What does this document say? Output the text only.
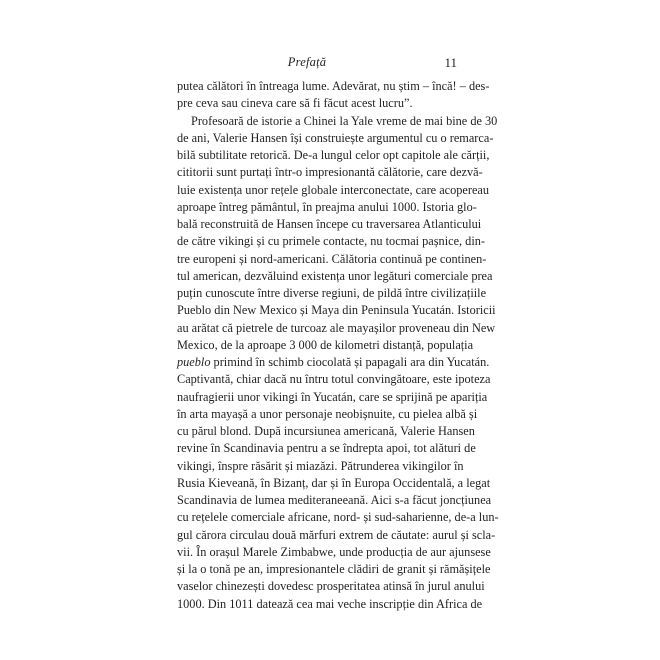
Prefață	11
putea călători în întreaga lume. Adevărat, nu știm – încă! – des-
pre ceva sau cineva care să fi făcut acest lucru”.
Profesoară de istorie a Chinei la Yale vreme de mai bine de 30
de ani, Valerie Hansen își construiește argumentul cu o remarca-
bilă subtilitate retorică. De-a lungul celor opt capitole ale cărții,
cititorii sunt purtați într-o impresionantă călătorie, care dezvă-
luie existența unor rețele globale interconectate, care acopereau
aproape întreg pământul, în preajma anului 1000. Istoria glo-
bală reconstruită de Hansen începe cu traversarea Atlanticului
de către vikingi și cu primele contacte, nu tocmai pașnice, din-
tre europeni și nord-americani. Călătoria continuă pe continen-
tul american, dezvăluind existența unor legături comerciale prea
puțin cunoscute între diverse regiuni, de pildă între civilizațiile
Pueblo din New Mexico și Maya din Peninsula Yucatán. Istoricii
au arătat că pietrele de turcoaz ale mayașilor proveneau din New
Mexico, de la aproape 3 000 de kilometri distanță, populația
pueblo primind în schimb ciocolată și papagali ara din Yucatán.
Captivantă, chiar dacă nu întru totul convingătoare, este ipoteza
naufragierii unor vikingi în Yucatán, care se sprijină pe apariția
în arta mayașă a unor personaje neobișnuite, cu pielea albă și
cu părul blond. După incursiunea americană, Valerie Hansen
revine în Scandinavia pentru a se îndrepta apoi, tot alături de
vikingi, înspre răsărit și miazăzi. Pătrunderea vikingilor în
Rusia Kieveană, în Bizanț, dar și în Europa Occidentală, a legat
Scandinavia de lumea mediteraneeană. Aici s-a făcut joncțiunea
cu rețelele comerciale africane, nord- și sud-saharienne, de-a lun-
gul cărora circulau două mărfuri extrem de căutate: aurul și scla-
vii. În orașul Marele Zimbabwe, unde producția de aur ajunsese
și la o tonă pe an, impresionantele clădiri de granit și rămășițele
vaselor chinezești dovedesc prosperitatea atinsă în jurul anului
1000. Din 1011 datează cea mai veche inscripție din Africa de
